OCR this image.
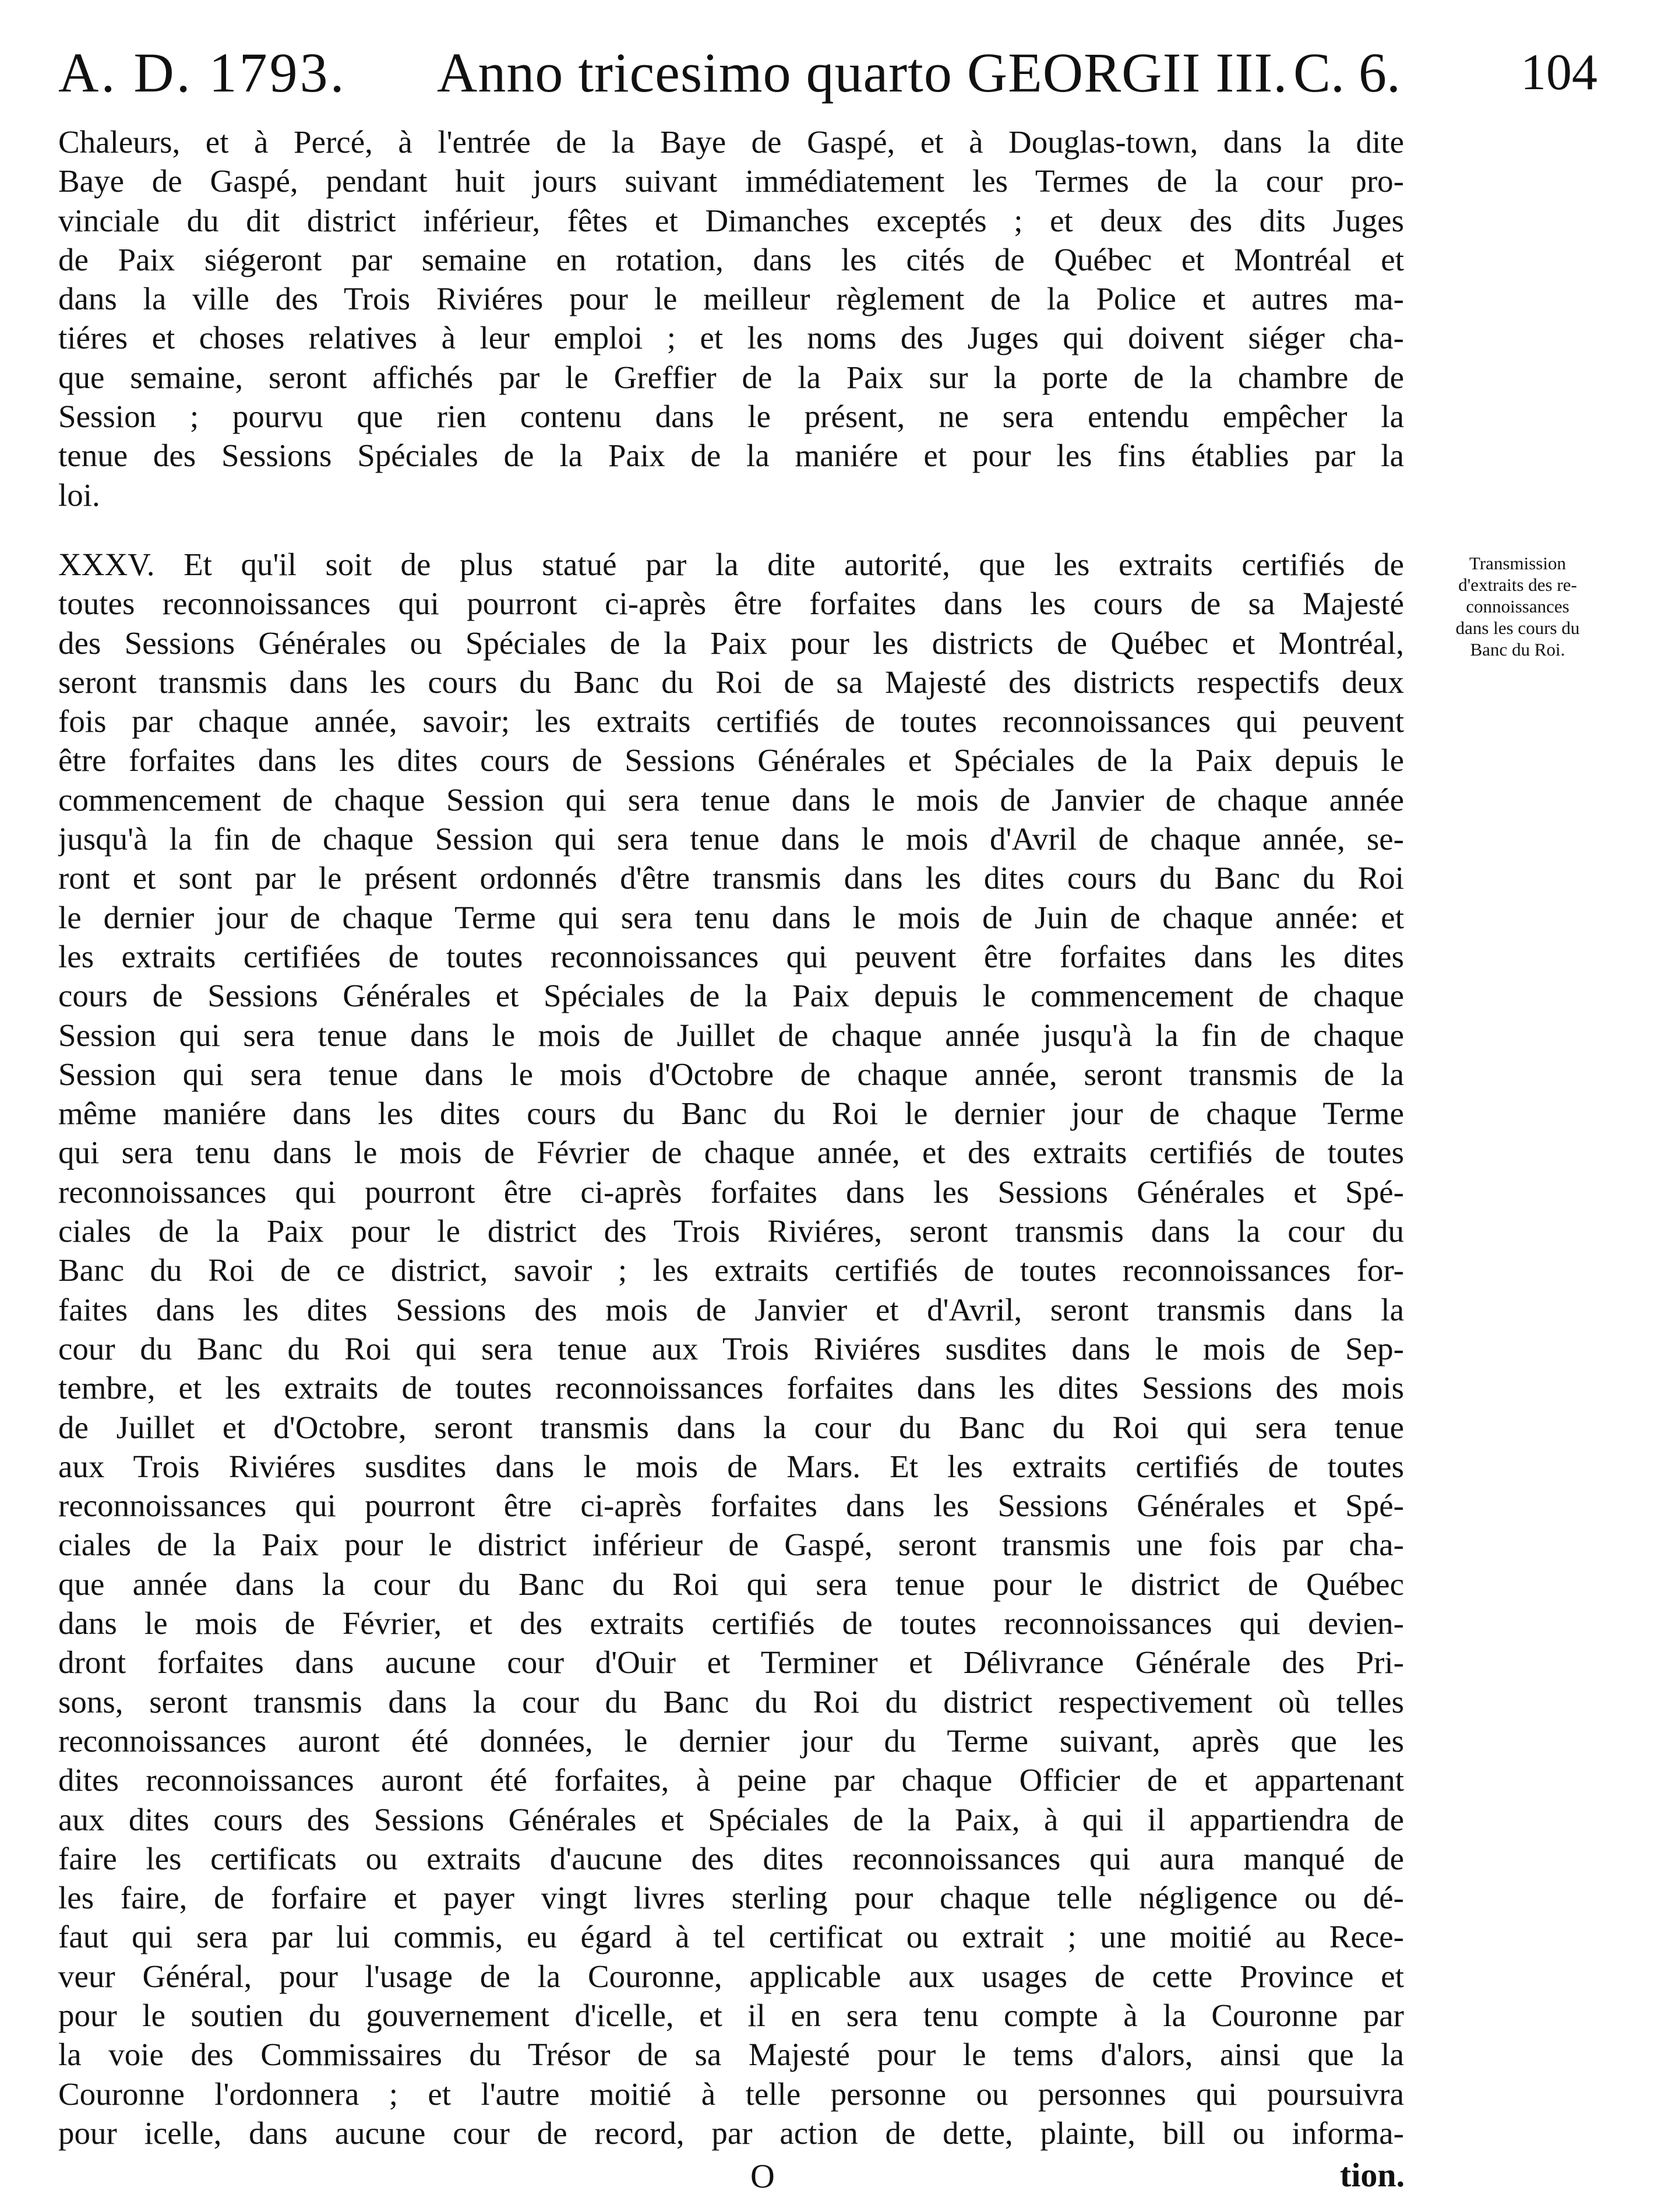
A. D. 1793. Anno tricesimo quarto GEORGII III. C. 6. 104
Chaleurs, et à Percé, à l'entrée de la Baye de Gaspé, et à Douglas-town, dans la dite
Baye de Gaspé, pendant huit jours suivant immédiatement les Termes de la cour pro-
vinciale du dit district inférieur, fêtes et Dimanches exceptés ; et deux des dits Juges
de Paix siégeront par semaine en rotation, dans les cités de Québec et Montréal et
dans la ville des Trois Riviéres pour le meilleur règlement de la Police et autres ma-
tiéres et choses relatives à leur emploi ; et les noms des Juges qui doivent siéger cha-
que semaine, seront affichés par le Greffier de la Paix sur la porte de la chambre de
Session ; pourvu que rien contenu dans le présent, ne sera entendu empêcher la
tenue des Sessions Spéciales de la Paix de la maniére et pour les fins établies par la
loi.
XXXV. Et qu'il soit de plus statué par la dite autorité, que les extraits certifiés de
toutes reconnoissances qui pourront ci-après être forfaites dans les cours de sa Majesté
des Sessions Générales ou Spéciales de la Paix pour les districts de Québec et Montréal,
seront transmis dans les cours du Banc du Roi de sa Majesté des districts respectifs deux
fois par chaque année, savoir; les extraits certifiés de toutes reconnoissances qui peuvent
être forfaites dans les dites cours de Sessions Générales et Spéciales de la Paix depuis le
commencement de chaque Session qui sera tenue dans le mois de Janvier de chaque année
jusqu'à la fin de chaque Session qui sera tenue dans le mois d'Avril de chaque année, se-
ront et sont par le présent ordonnés d'être transmis dans les dites cours du Banc du Roi
le dernier jour de chaque Terme qui sera tenu dans le mois de Juin de chaque année: et
les extraits certifiées de toutes reconnoissances qui peuvent être forfaites dans les dites
cours de Sessions Générales et Spéciales de la Paix depuis le commencement de chaque
Session qui sera tenue dans le mois de Juillet de chaque année jusqu'à la fin de chaque
Session qui sera tenue dans le mois d'Octobre de chaque année, seront transmis de la
même maniére dans les dites cours du Banc du Roi le dernier jour de chaque Terme
qui sera tenu dans le mois de Février de chaque année, et des extraits certifiés de toutes
reconnoissances qui pourront être ci-après forfaites dans les Sessions Générales et Spé-
ciales de la Paix pour le district des Trois Riviéres, seront transmis dans la cour du
Banc du Roi de ce district, savoir ; les extraits certifiés de toutes reconnoissances for-
faites dans les dites Sessions des mois de Janvier et d'Avril, seront transmis dans la
cour du Banc du Roi qui sera tenue aux Trois Riviéres susdites dans le mois de Sep-
tembre, et les extraits de toutes reconnoissances forfaites dans les dites Sessions des mois
de Juillet et d'Octobre, seront transmis dans la cour du Banc du Roi qui sera tenue
aux Trois Riviéres susdites dans le mois de Mars. Et les extraits certifiés de toutes
reconnoissances qui pourront être ci-après forfaites dans les Sessions Générales et Spé-
ciales de la Paix pour le district inférieur de Gaspé, seront transmis une fois par cha-
que année dans la cour du Banc du Roi qui sera tenue pour le district de Québec
dans le mois de Février, et des extraits certifiés de toutes reconnoissances qui devien-
dront forfaites dans aucune cour d'Ouir et Terminer et Délivrance Générale des Pri-
sons, seront transmis dans la cour du Banc du Roi du district respectivement où telles
reconnoissances auront été données, le dernier jour du Terme suivant, après que les
dites reconnoissances auront été forfaites, à peine par chaque Officier de et appartenant
aux dites cours des Sessions Générales et Spéciales de la Paix, à qui il appartiendra de
faire les certificats ou extraits d'aucune des dites reconnoissances qui aura manqué de
les faire, de forfaire et payer vingt livres sterling pour chaque telle négligence ou dé-
faut qui sera par lui commis, eu égard à tel certificat ou extrait ; une moitié au Rece-
veur Général, pour l'usage de la Couronne, applicable aux usages de cette Province et
pour le soutien du gouvernement d'icelle, et il en sera tenu compte à la Couronne par
la voie des Commissaires du Trésor de sa Majesté pour le tems d'alors, ainsi que la
Couronne l'ordonnera ; et l'autre moitié à telle personne ou personnes qui poursuivra
pour icelle, dans aucune cour de record, par action de dette, plainte, bill ou informa-
Transmission
d'extraits des re-
connoissances
dans les cours du
Banc du Roi.
O	tion.
